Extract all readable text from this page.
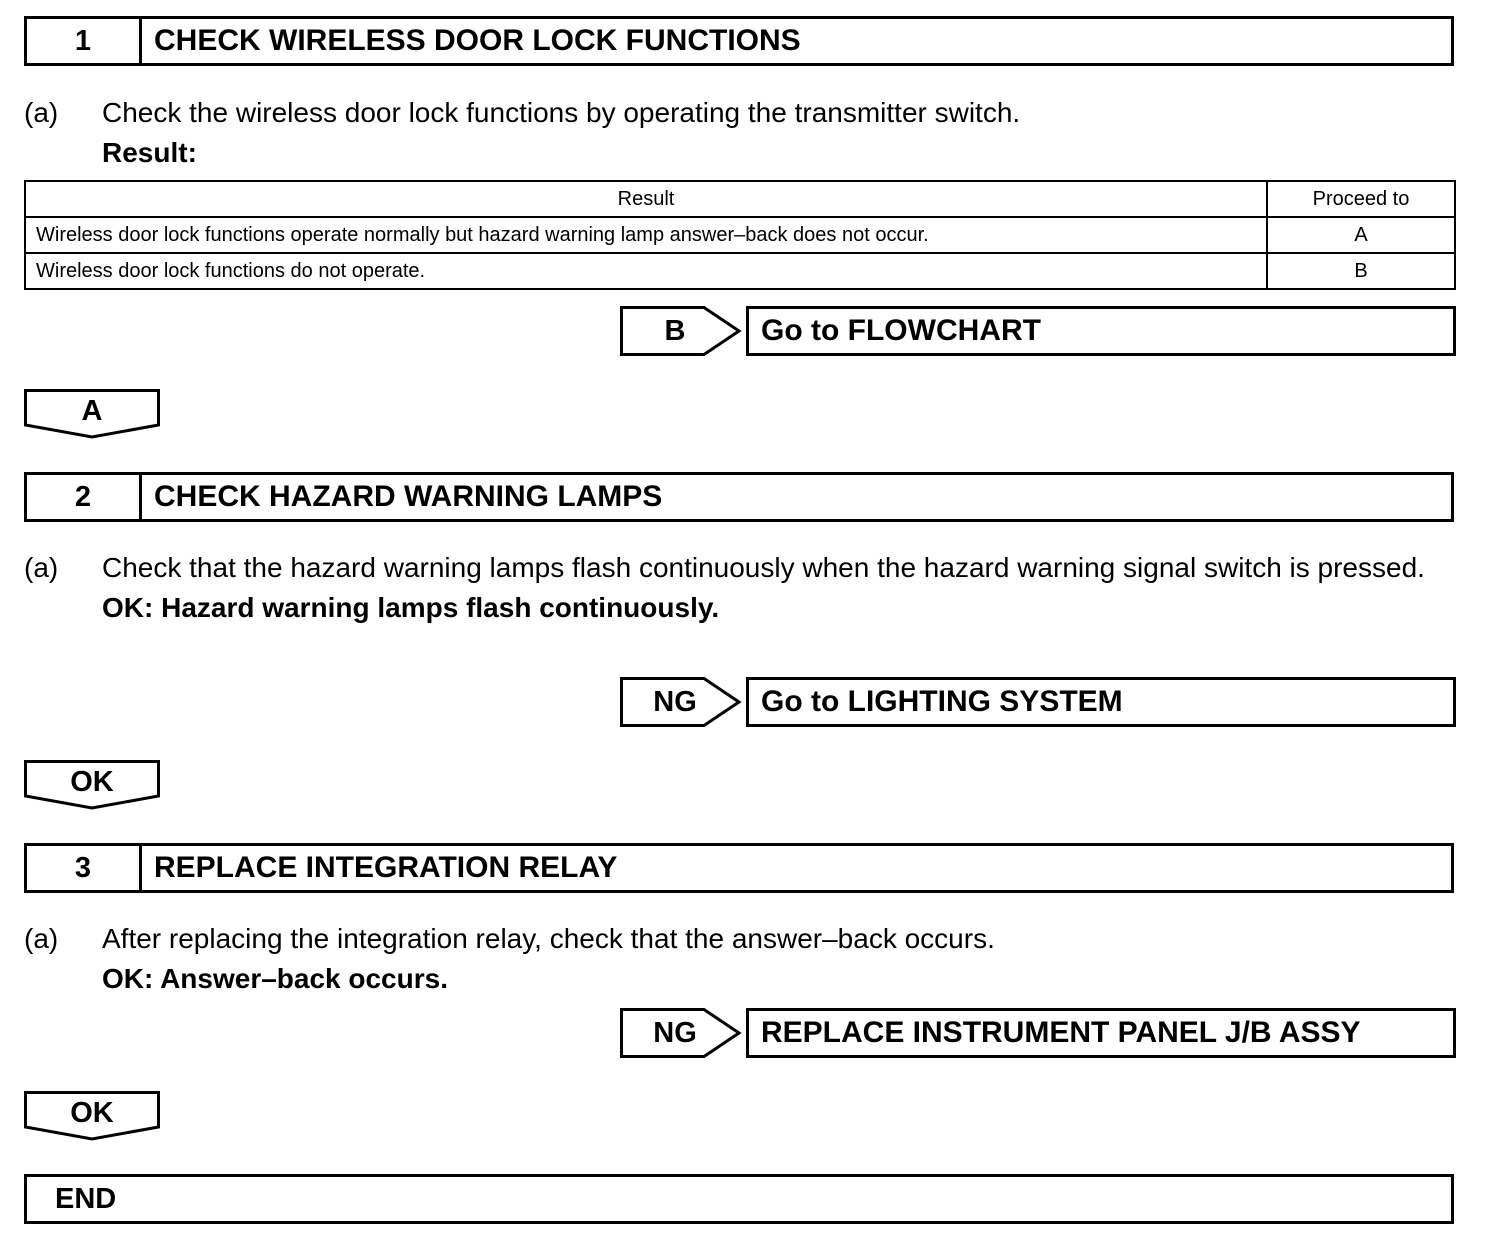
1	CHECK WIRELESS DOOR LOCK FUNCTIONS
(a) Check the wireless door lock functions by operating the transmitter switch.
Result:
Result	Proceed to
Wireless door lock functions operate normally but hazard warning lamp answer–back does not occur.	A
Wireless door lock functions do not operate.	B
B	Go to FLOWCHART
A
2	CHECK HAZARD WARNING LAMPS
(a) Check that the hazard warning lamps flash continuously when the hazard warning signal switch is pressed.
OK: Hazard warning lamps flash continuously.
NG	Go to LIGHTING SYSTEM
OK
3	REPLACE INTEGRATION RELAY
(a) After replacing the integration relay, check that the answer–back occurs.
OK: Answer–back occurs.
NG	REPLACE INSTRUMENT PANEL J/B ASSY
OK
END
